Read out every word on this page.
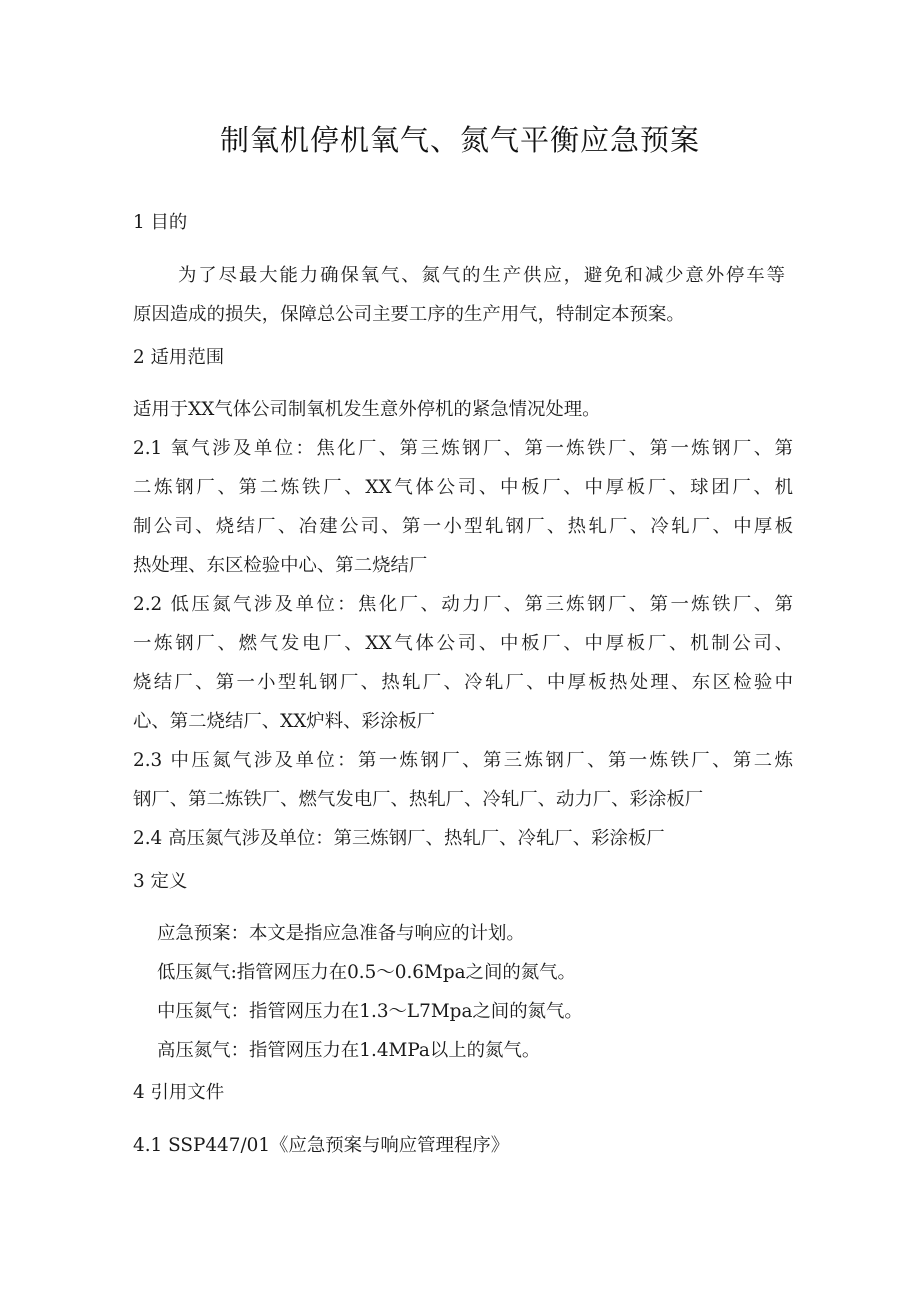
制氧机停机氧气、氮气平衡应急预案
1 目的
为了尽最大能力确保氧气、氮气的生产供应，避免和减少意外停车等
原因造成的损失，保障总公司主要工序的生产用气，特制定本预案。
2 适用范围
适用于XX气体公司制氧机发生意外停机的紧急情况处理。
2.1 氧气涉及单位：焦化厂、第三炼钢厂、第一炼铁厂、第一炼钢厂、第
二炼钢厂、第二炼铁厂、XX气体公司、中板厂、中厚板厂、球团厂、机
制公司、烧结厂、冶建公司、第一小型轧钢厂、热轧厂、冷轧厂、中厚板
热处理、东区检验中心、第二烧结厂
2.2 低压氮气涉及单位：焦化厂、动力厂、第三炼钢厂、第一炼铁厂、第
一炼钢厂、燃气发电厂、XX气体公司、中板厂、中厚板厂、机制公司、
烧结厂、第一小型轧钢厂、热轧厂、冷轧厂、中厚板热处理、东区检验中
心、第二烧结厂、XX炉料、彩涂板厂
2.3 中压氮气涉及单位：第一炼钢厂、第三炼钢厂、第一炼铁厂、第二炼
钢厂、第二炼铁厂、燃气发电厂、热轧厂、冷轧厂、动力厂、彩涂板厂
2.4 高压氮气涉及单位：第三炼钢厂、热轧厂、冷轧厂、彩涂板厂
3 定义
应急预案：本文是指应急准备与响应的计划。
低压氮气:指管网压力在0.5～0.6Mpa之间的氮气。
中压氮气：指管网压力在1.3～L7Mpa之间的氮气。
高压氮气：指管网压力在1.4MPa以上的氮气。
4 引用文件
4.1 SSP447/01《应急预案与响应管理程序》
